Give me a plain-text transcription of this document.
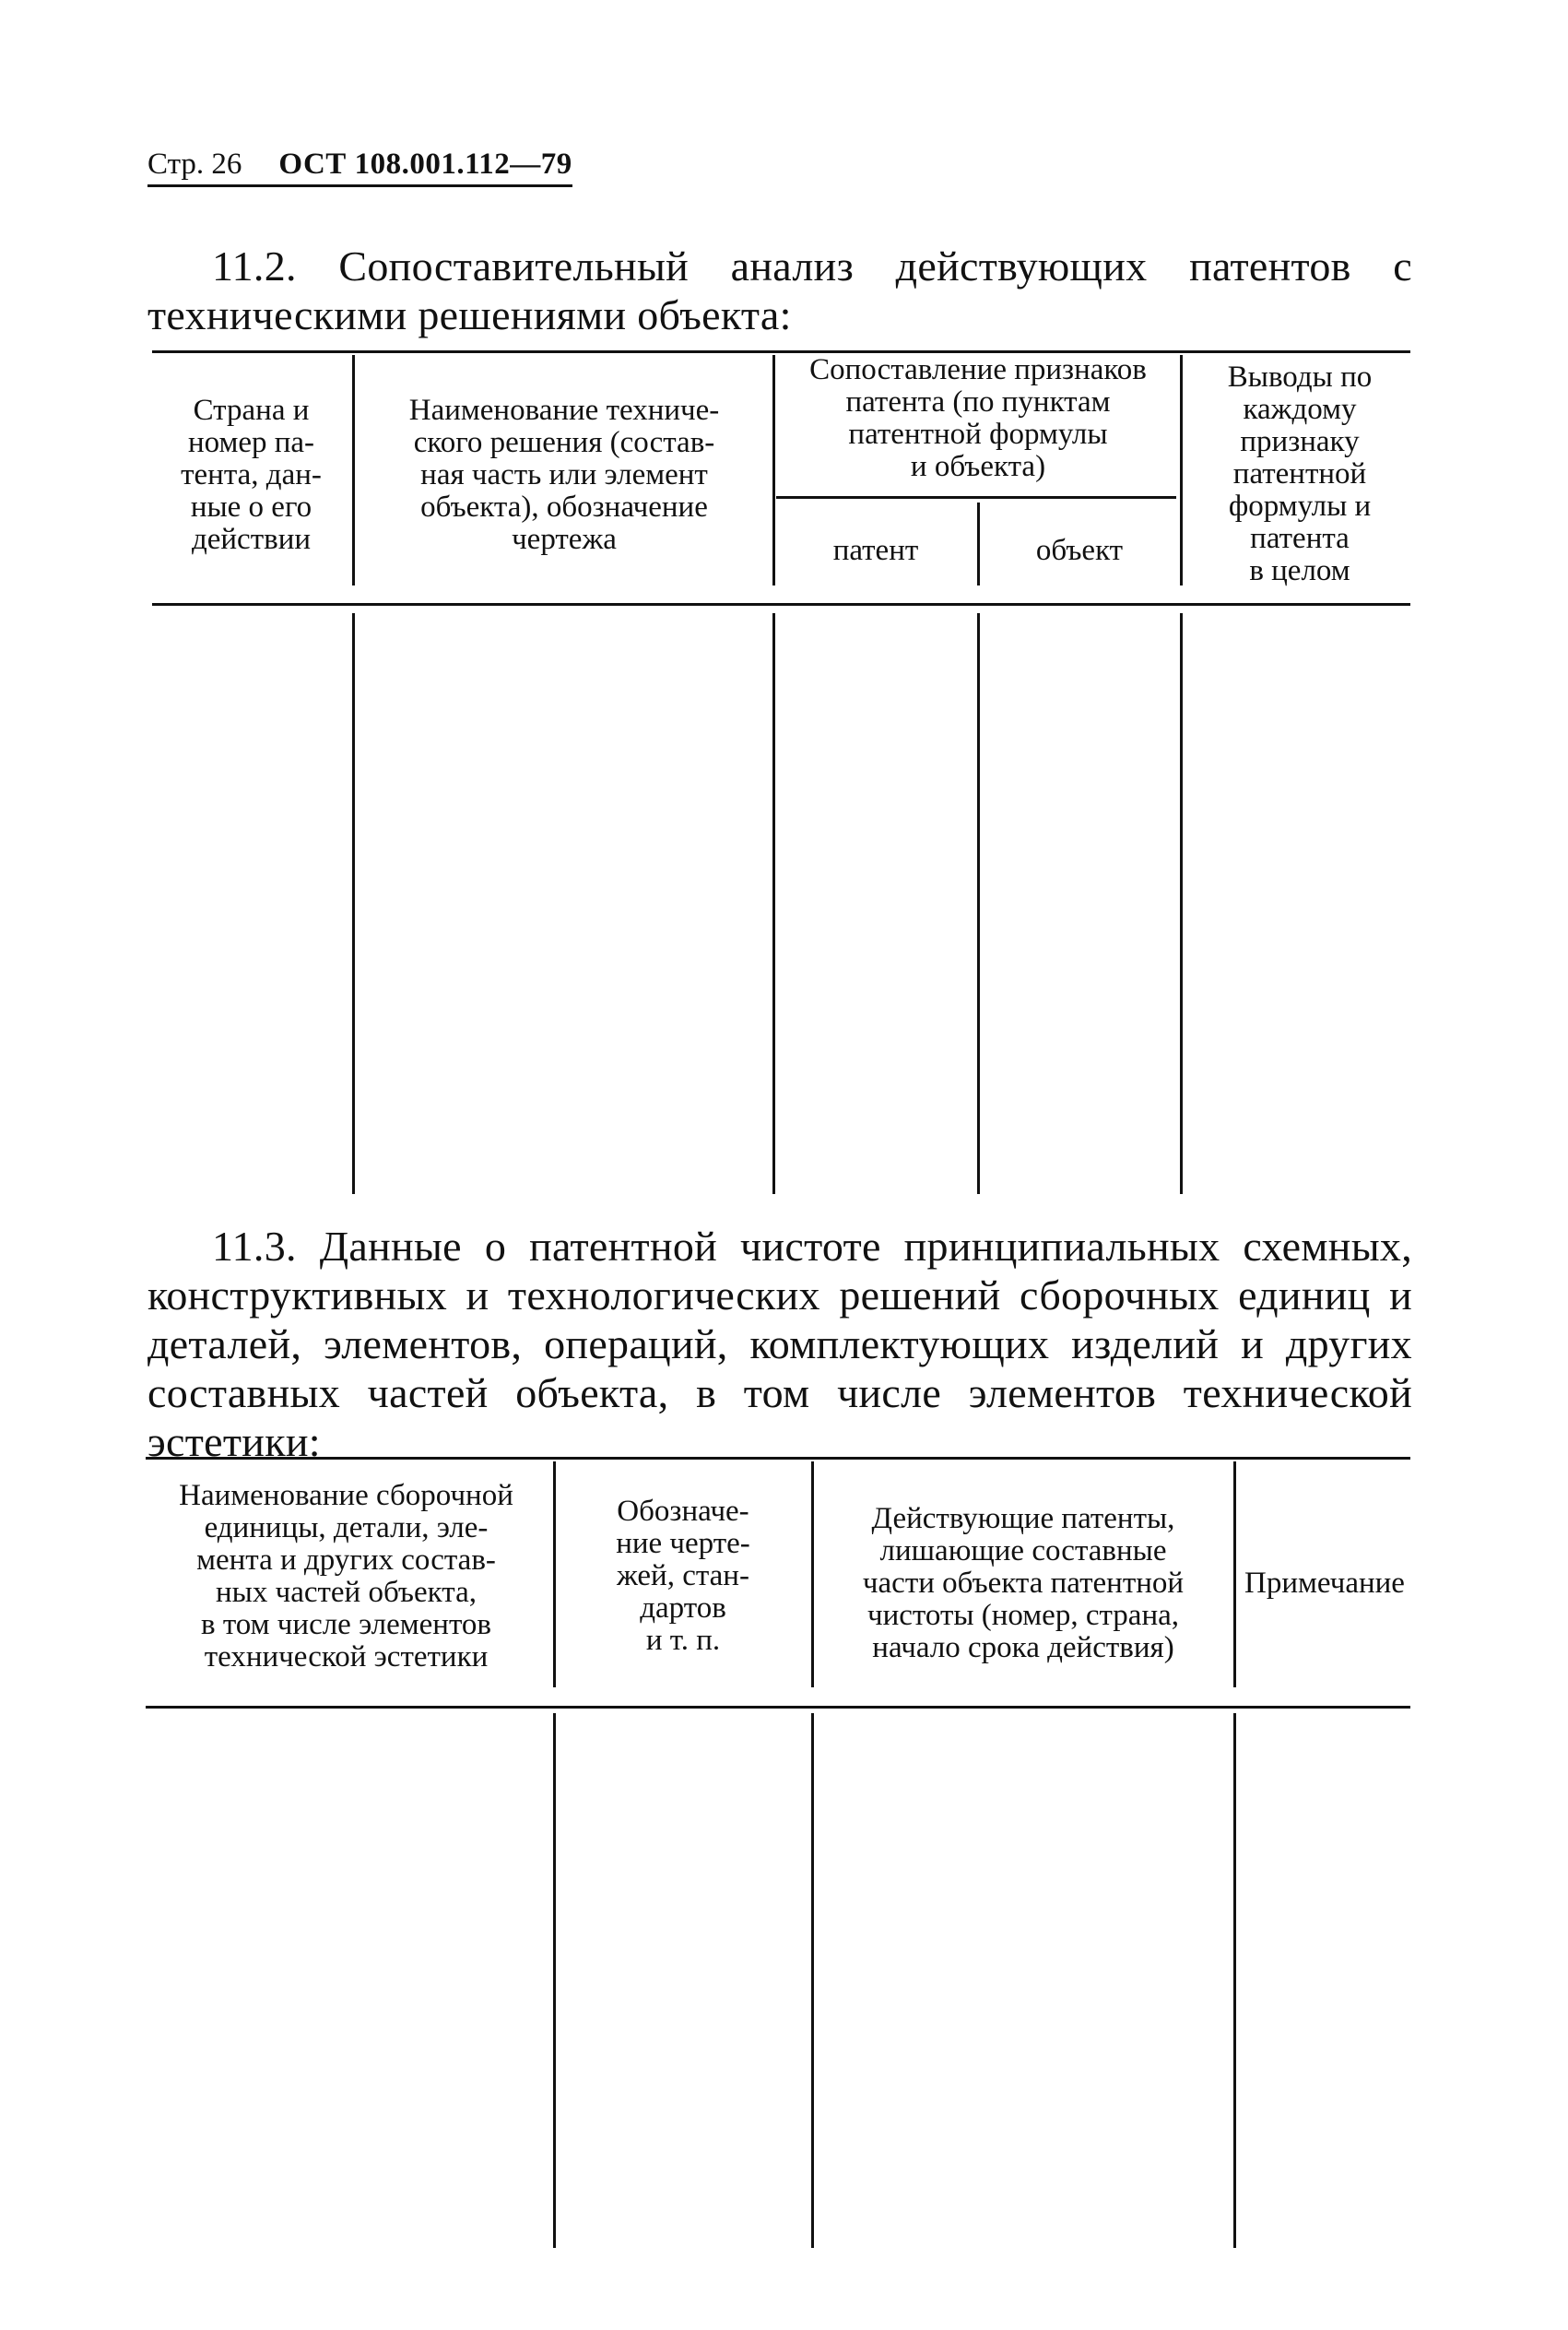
Стр. 26 ОСТ 108.001.112—79
11.2. Сопоставительный анализ действующих патентов с техническими решениями объекта:
Страна и
номер па-
тента, дан-
ные о его
действии
Наименование техниче-
ского решения (состав-
ная часть или элемент
объекта), обозначение
чертежа
Сопоставление признаков
патента (по пунктам
патентной формулы
и объекта)
патент	объект
Выводы по
каждому
признаку
патентной
формулы и
патента
в целом
11.3. Данные о патентной чистоте принципиальных схемных, конструктивных и технологических решений сборочных единиц и деталей, элементов, операций, комплектующих изделий и других составных частей объекта, в том числе элементов технической эстетики:
Наименование сборочной
единицы, детали, эле-
мента и других состав-
ных частей объекта,
в том числе элементов
технической эстетики
Обозначе-
ние черте-
жей, стан-
дартов
и т. п.
Действующие патенты,
лишающие составные
части объекта патентной
чистоты (номер, страна,
начало срока действия)
Примечание
